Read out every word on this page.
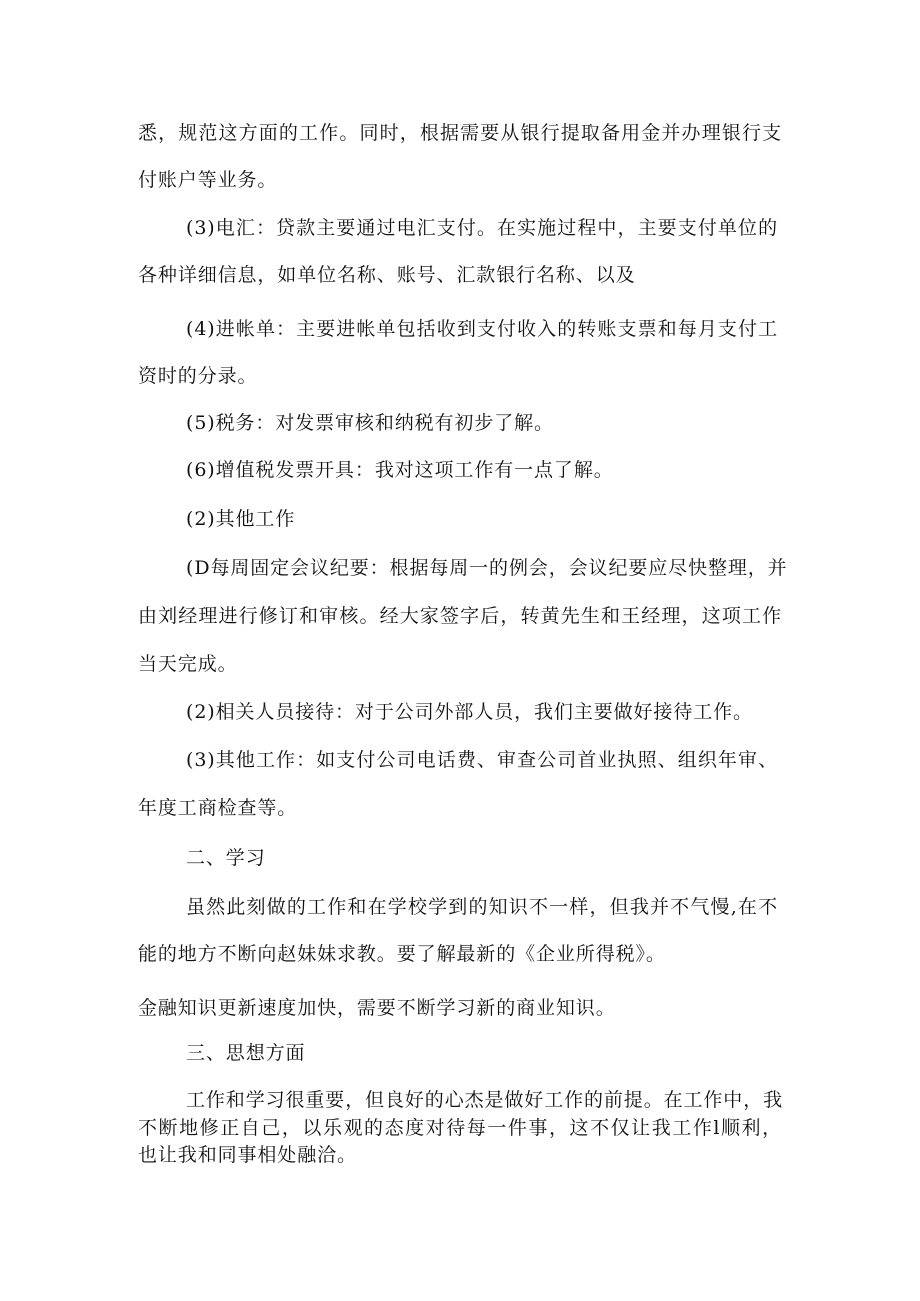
悉，规范这方面的工作。同时，根据需要从银行提取备用金并办理银行支
付账户等业务。
(3)电汇：贷款主要通过电汇支付。在实施过程中，主要支付单位的
各种详细信息，如单位名称、账号、汇款银行名称、以及
(4)进帐单：主要进帐单包括收到支付收入的转账支票和每月支付工
资时的分录。
(5)税务：对发票审核和纳税有初步了解。
(6)增值税发票开具：我对这项工作有一点了解。
(2)其他工作
(D每周固定会议纪要：根据每周一的例会，会议纪要应尽快整理，并
由刘经理进行修订和审核。经大家签字后，转黄先生和王经理，这项工作
当天完成。
(2)相关人员接待：对于公司外部人员，我们主要做好接待工作。
(3)其他工作：如支付公司电话费、审查公司首业执照、组织年审、
年度工商检查等。
二、学习
虽然此刻做的工作和在学校学到的知识不一样，但我并不气慢,在不
能的地方不断向赵妹妹求教。要了解最新的《企业所得税》。
金融知识更新速度加快，需要不断学习新的商业知识。
三、思想方面
工作和学习很重要，但良好的心杰是做好工作的前提。在工作中，我
不断地修正自己，以乐观的态度对待每一件事，这不仅让我工作l顺利，
也让我和同事相处融洽。
